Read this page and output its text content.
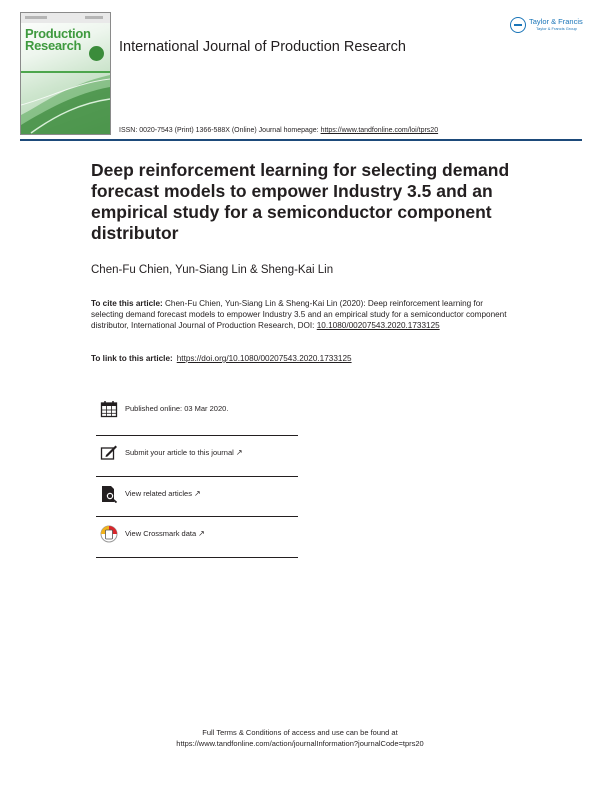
Production
Research	International Journal of Production Research
Taylor & Francis
Taylor & Francis Group
ISSN: 0020-7543 (Print) 1366-588X (Online) Journal homepage: https://www.tandfonline.com/loi/tprs20
Deep reinforcement learning for selecting demand forecast models to empower Industry 3.5 and an empirical study for a semiconductor component distributor
Chen-Fu Chien, Yun-Siang Lin & Sheng-Kai Lin
To cite this article: Chen-Fu Chien, Yun-Siang Lin & Sheng-Kai Lin (2020): Deep reinforcement learning for selecting demand forecast models to empower Industry 3.5 and an empirical study for a semiconductor component distributor, International Journal of Production Research, DOI: 10.1080/00207543.2020.1733125
To link to this article: https://doi.org/10.1080/00207543.2020.1733125
Published online: 03 Mar 2020.
Submit your article to this journal ↗
View related articles ↗
View Crossmark data ↗
Full Terms & Conditions of access and use can be found at
https://www.tandfonline.com/action/journalInformation?journalCode=tprs20
